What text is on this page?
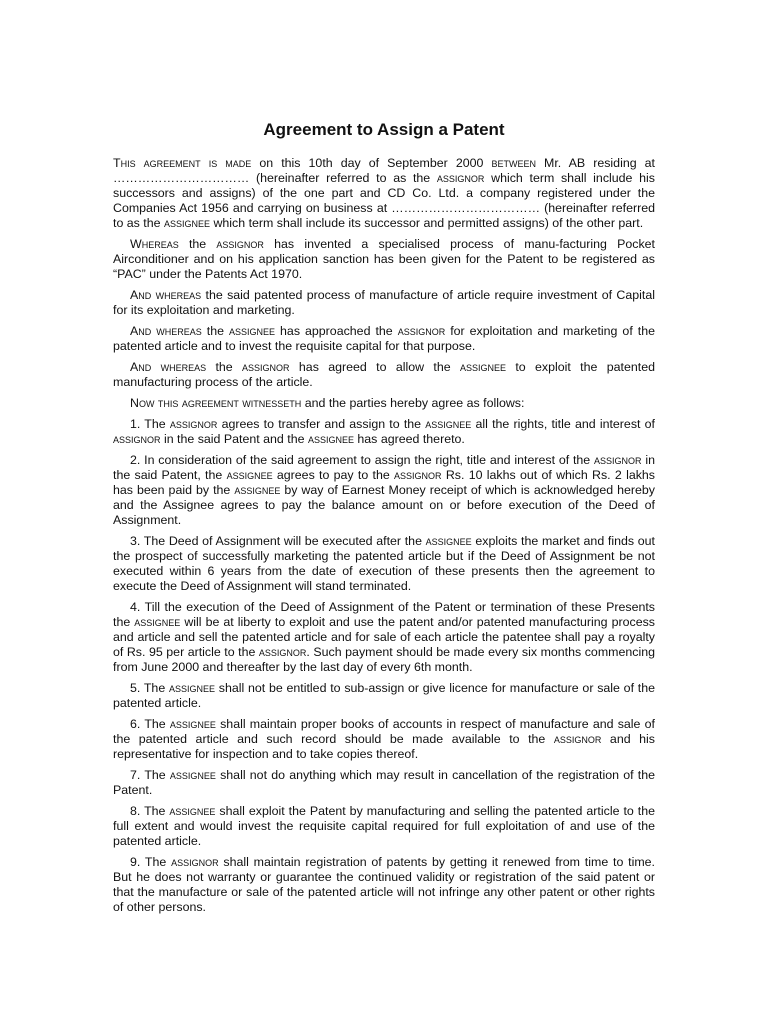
Agreement to Assign a Patent

This agreement is made on this 10th day of September 2000 between Mr. AB residing at …………………………… (hereinafter referred to as the assignor which term shall include his successors and assigns) of the one part and CD Co. Ltd. a company registered under the Companies Act 1956 and carrying on business at ……………………………… (hereinafter referred to as the assignee which term shall include its successor and permitted assigns) of the other part.

Whereas the assignor has invented a specialised process of manu-facturing Pocket Airconditioner and on his application sanction has been given for the Patent to be registered as “PAC” under the Patents Act 1970.

And whereas the said patented process of manufacture of article require investment of Capital for its exploitation and marketing.

And whereas the assignee has approached the assignor for exploitation and marketing of the patented article and to invest the requisite capital for that purpose.

And whereas the assignor has agreed to allow the assignee to exploit the patented manufacturing process of the article.

Now this agreement witnesseth and the parties hereby agree as follows:

1. The assignor agrees to transfer and assign to the assignee all the rights, title and interest of assignor in the said Patent and the assignee has agreed thereto.

2. In consideration of the said agreement to assign the right, title and interest of the assignor in the said Patent, the assignee agrees to pay to the assignor Rs. 10 lakhs out of which Rs. 2 lakhs has been paid by the assignee by way of Earnest Money receipt of which is acknowledged hereby and the Assignee agrees to pay the balance amount on or before execution of the Deed of Assignment.

3. The Deed of Assignment will be executed after the assignee exploits the market and finds out the prospect of successfully marketing the patented article but if the Deed of Assignment be not executed within 6 years from the date of execution of these presents then the agreement to execute the Deed of Assignment will stand terminated.

4. Till the execution of the Deed of Assignment of the Patent or termination of these Presents the assignee will be at liberty to exploit and use the patent and/or patented manufacturing process and article and sell the patented article and for sale of each article the patentee shall pay a royalty of Rs. 95 per article to the assignor. Such payment should be made every six months commencing from June 2000 and thereafter by the last day of every 6th month.

5. The assignee shall not be entitled to sub-assign or give licence for manufacture or sale of the patented article.

6. The assignee shall maintain proper books of accounts in respect of manufacture and sale of the patented article and such record should be made available to the assignor and his representative for inspection and to take copies thereof.

7. The assignee shall not do anything which may result in cancellation of the registration of the Patent.

8. The assignee shall exploit the Patent by manufacturing and selling the patented article to the full extent and would invest the requisite capital required for full exploitation of and use of the patented article.

9. The assignor shall maintain registration of patents by getting it renewed from time to time. But he does not warranty or guarantee the continued validity or registration of the said patent or that the manufacture or sale of the patented article will not infringe any other patent or other rights of other persons.
